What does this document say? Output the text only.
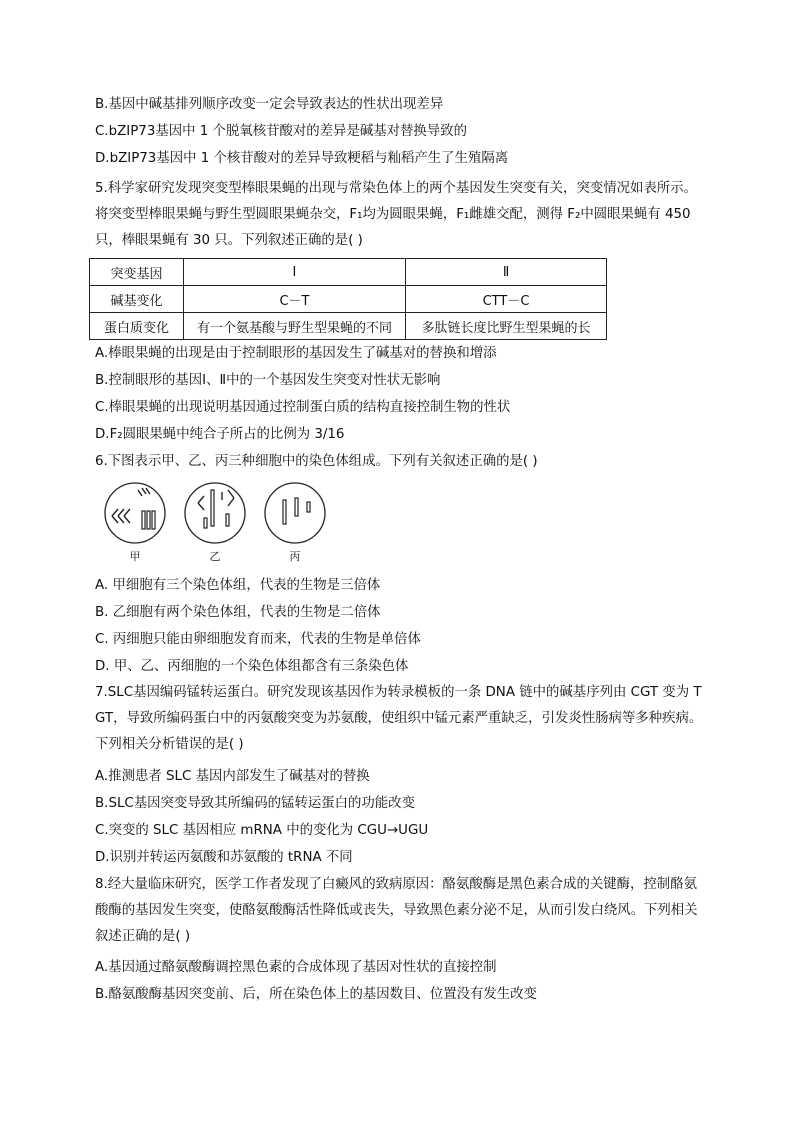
B.基因中碱基排列顺序改变一定会导致表达的性状出现差异
C.bZIP73基因中 1 个脱氧核苷酸对的差异是碱基对替换导致的
D.bZIP73基因中 1 个核苷酸对的差异导致粳稻与籼稻产生了生殖隔离
5.科学家研究发现突变型棒眼果蝇的出现与常染色体上的两个基因发生突变有关，突变情况如表所示。将突变型棒眼果蝇与野生型圆眼果蝇杂交，F₁均为圆眼果蝇，F₁雌雄交配，测得 F₂中圆眼果蝇有 450 只，棒眼果蝇有 30 只。下列叙述正确的是( )
突变基因	Ⅰ	Ⅱ
碱基变化	C－T	CTT－C
蛋白质变化	有一个氨基酸与野生型果蝇的不同	多肽链长度比野生型果蝇的长
A.棒眼果蝇的出现是由于控制眼形的基因发生了碱基对的替换和增添
B.控制眼形的基因Ⅰ、Ⅱ中的一个基因发生突变对性状无影响
C.棒眼果蝇的出现说明基因通过控制蛋白质的结构直接控制生物的性状
D.F₂圆眼果蝇中纯合子所占的比例为 3/16
6.下图表示甲、乙、丙三种细胞中的染色体组成。下列有关叙述正确的是( )
甲	乙	丙
A. 甲细胞有三个染色体组，代表的生物是三倍体
B. 乙细胞有两个染色体组，代表的生物是二倍体
C. 丙细胞只能由卵细胞发育而来，代表的生物是单倍体
D. 甲、乙、丙细胞的一个染色体组都含有三条染色体
7.SLC基因编码锰转运蛋白。研究发现该基因作为转录模板的一条 DNA 链中的碱基序列由 CGT 变为 TGT，导致所编码蛋白中的丙氨酸突变为苏氨酸，使组织中锰元素严重缺乏，引发炎性肠病等多种疾病。下列相关分析错误的是( )
A.推测患者 SLC 基因内部发生了碱基对的替换
B.SLC基因突变导致其所编码的锰转运蛋白的功能改变
C.突变的 SLC 基因相应 mRNA 中的变化为 CGU→UGU
D.识别并转运丙氨酸和苏氨酸的 tRNA 不同
8.经大量临床研究，医学工作者发现了白癜风的致病原因：酪氨酸酶是黑色素合成的关键酶，控制酪氨酸酶的基因发生突变，使酪氨酸酶活性降低或丧失，导致黑色素分泌不足，从而引发白绕风。下列相关叙述正确的是( )
A.基因通过酪氨酸酶调控黑色素的合成体现了基因对性状的直接控制
B.酪氨酸酶基因突变前、后，所在染色体上的基因数目、位置没有发生改变
